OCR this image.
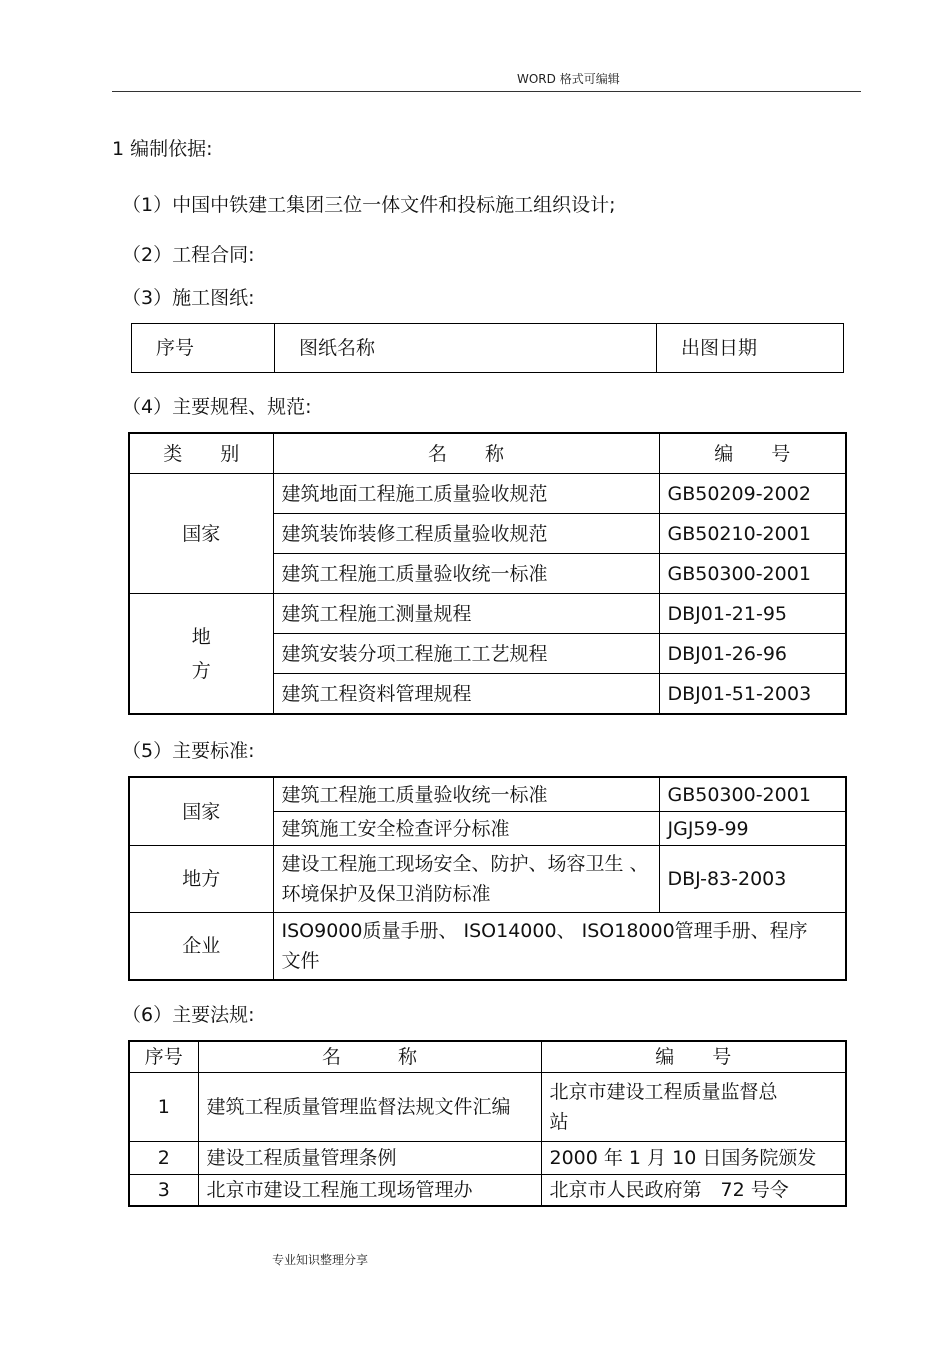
WORD 格式可编辑
1 编制依据:
（1）中国中铁建工集团三位一体文件和投标施工组织设计;
（2）工程合同:
（3）施工图纸:
序号	图纸名称	出图日期
（4）主要规程、规范:
类　　别	名　　称	编　　号
国家	建筑地面工程施工质量验收规范	GB50209-2002
	建筑装饰装修工程质量验收规范	GB50210-2001
	建筑工程施工质量验收统一标准	GB50300-2001

地
方	建筑工程施工测量规程	DBJ01-21-95
	建筑安装分项工程施工工艺规程	DBJ01-26-96
	建筑工程资料管理规程	DBJ01-51-2003
（5）主要标准:
国家	建筑工程施工质量验收统一标准	GB50300-2001
	建筑施工安全检查评分标准	JGJ59-99
地方	建设工程施工现场安全、防护、场容卫生 、
环境保护及保卫消防标准	DBJ-83-2003
企业	ISO9000质量手册、 ISO14000、 ISO18000管理手册、程序
文件	
（6）主要法规:
序号	名　　　称	编　　号
1	建筑工程质量管理监督法规文件汇编	北京市建设工程质量监督总
站

2	建设工程质量管理条例	2000 年 1 月 10 日国务院颁发
3	北京市建设工程施工现场管理办	北京市人民政府第　72 号令
专业知识整理分享
